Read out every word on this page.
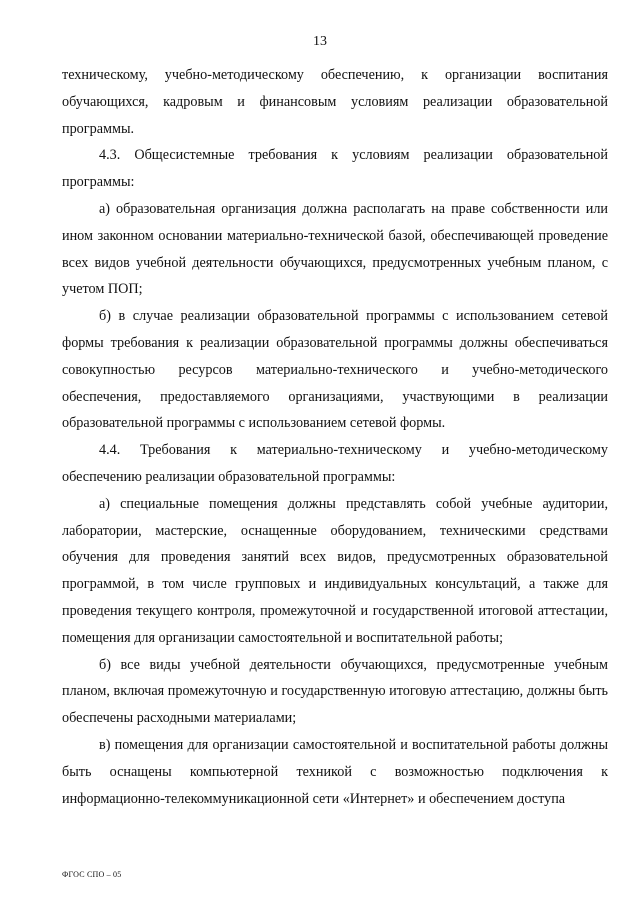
13

техническому, учебно-методическому обеспечению, к организации воспитания обучающихся, кадровым и финансовым условиям реализации образовательной программы.

4.3. Общесистемные требования к условиям реализации образовательной программы:

а) образовательная организация должна располагать на праве собственности или ином законном основании материально-технической базой, обеспечивающей проведение всех видов учебной деятельности обучающихся, предусмотренных учебным планом, с учетом ПОП;

б) в случае реализации образовательной программы с использованием сетевой формы требования к реализации образовательной программы должны обеспечиваться совокупностью ресурсов материально-технического и учебно-методического обеспечения, предоставляемого организациями, участвующими в реализации образовательной программы с использованием сетевой формы.

4.4. Требования к материально-техническому и учебно-методическому обеспечению реализации образовательной программы:

а) специальные помещения должны представлять собой учебные аудитории, лаборатории, мастерские, оснащенные оборудованием, техническими средствами обучения для проведения занятий всех видов, предусмотренных образовательной программой, в том числе групповых и индивидуальных консультаций, а также для проведения текущего контроля, промежуточной и государственной итоговой аттестации, помещения для организации самостоятельной и воспитательной работы;

б) все виды учебной деятельности обучающихся, предусмотренные учебным планом, включая промежуточную и государственную итоговую аттестацию, должны быть обеспечены расходными материалами;

в) помещения для организации самостоятельной и воспитательной работы должны быть оснащены компьютерной техникой с возможностью подключения к информационно-телекоммуникационной сети «Интернет» и обеспечением доступа

ФГОС СПО – 05
